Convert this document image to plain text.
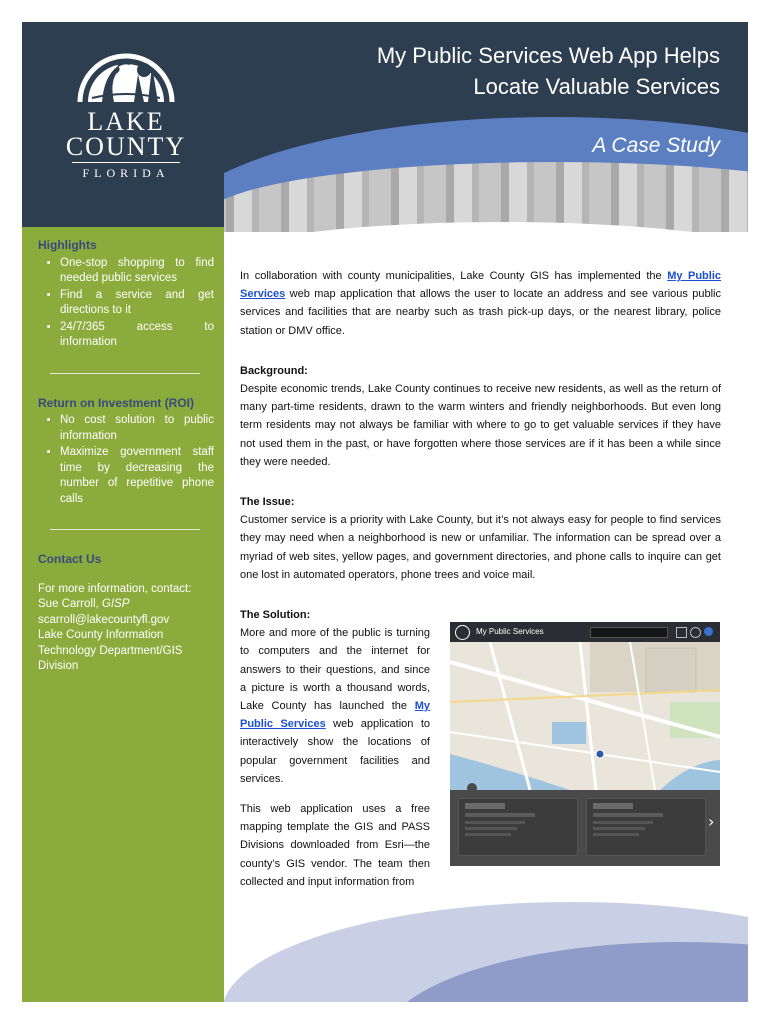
My Public Services Web App Helps
Locate Valuable Services
A Case Study
LAKE
COUNTY
FLORIDA
Highlights
• One-stop shopping to find needed public services
• Find a service and get directions to it
• 24/7/365 access to information
Return on Investment (ROI)
• No cost solution to public information
• Maximize government staff time by decreasing the number of repetitive phone calls
Contact Us

For more information, contact:

Sue Carroll, GISP

scarroll@lakecountyfl.gov

Lake County Information Technology Department/GIS Division

In collaboration with county municipalities, Lake County GIS has implemented the My Public Services web map application that allows the user to locate an address and see various public services and facilities that are nearby such as trash pick-up days, or the nearest library, police station or DMV office.

Background:

Despite economic trends, Lake County continues to receive new residents, as well as the return of many part-time residents, drawn to the warm winters and friendly neighborhoods. But even long term residents may not always be familiar with where to go to get valuable services if they have not used them in the past, or have forgotten where those services are if it has been a while since they were needed.

The Issue:

Customer service is a priority with Lake County, but it’s not always easy for people to find services they may need when a neighborhood is new or unfamiliar. The information can be spread over a myriad of web sites, yellow pages, and government directories, and phone calls to inquire can get one lost in automated operators, phone trees and voice mail.

The Solution:

More and more of the public is turning to computers and the internet for answers to their questions, and since a picture is worth a thousand words, Lake County has launched the My Public Services web application to interactively show the locations of popular government facilities and services.

This web application uses a free mapping template the GIS and PASS Divisions downloaded from Esri—the county’s GIS vendor. The team then collected and input information from

My Public Services
›
